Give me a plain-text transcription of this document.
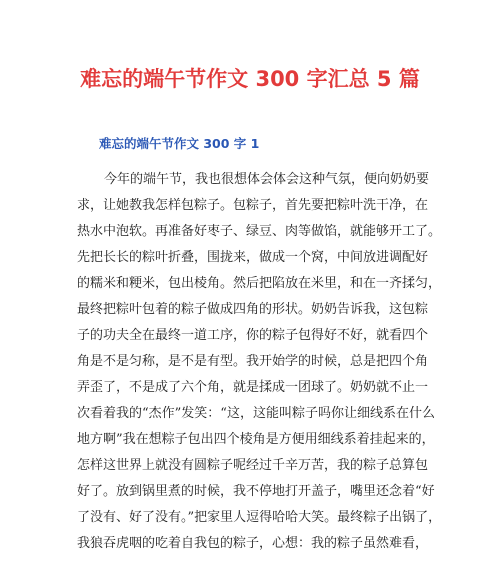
难忘的端午节作文 300 字汇总 5 篇
难忘的端午节作文 300 字 1

今年的端午节，我也很想体会体会这种气氛，便向奶奶要

求，让她教我怎样包粽子。包粽子，首先要把粽叶洗干净，在

热水中泡软。再准备好枣子、绿豆、肉等做馅，就能够开工了。

先把长长的粽叶折叠，围拢来，做成一个窝，中间放进调配好

的糯米和粳米，包出棱角。然后把陷放在米里，和在一齐揉匀，

最终把粽叶包着的粽子做成四角的形状。奶奶告诉我，这包粽

子的功夫全在最终一道工序，你的粽子包得好不好，就看四个

角是不是匀称，是不是有型。我开始学的时候，总是把四个角

弄歪了，不是成了六个角，就是揉成一团球了。奶奶就不止一

次看着我的“杰作”发笑：“这，这能叫粽子吗你让细线系在什么

地方啊”我在想粽子包出四个棱角是方便用细线系着挂起来的，

怎样这世界上就没有圆粽子呢经过千辛万苦，我的粽子总算包

好了。放到锅里煮的时候，我不停地打开盖子，嘴里还念着“好

了没有、好了没有。”把家里人逗得哈哈大笑。最终粽子出锅了，

我狼吞虎咽的吃着自我包的粽子，心想：我的粽子虽然难看，
